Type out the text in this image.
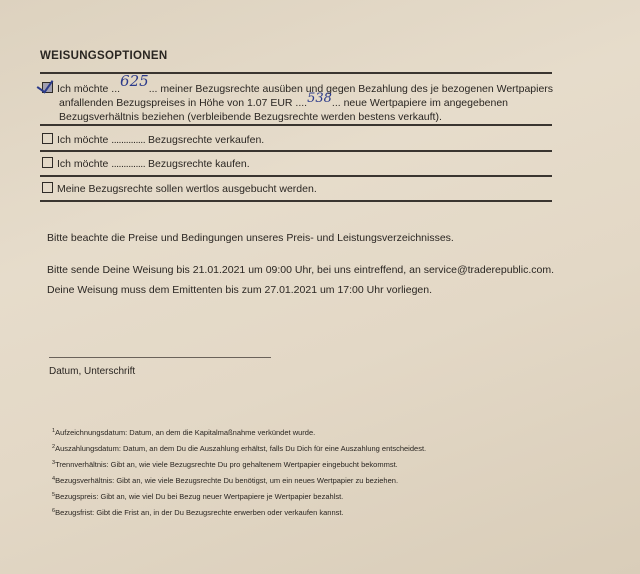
WEISUNGSOPTIONEN
Ich möchte ...625... meiner Bezugsrechte ausüben und gegen Bezahlung des je bezogenen Wertpapiers
anfallenden Bezugspreises in Höhe von 1.07 EUR ....538... neue Wertpapiere im angegebenen
Bezugsverhältnis beziehen (verbleibende Bezugsrechte werden bestens verkauft).
Ich möchte .............. Bezugsrechte verkaufen.
Ich möchte .............. Bezugsrechte kaufen.
Meine Bezugsrechte sollen wertlos ausgebucht werden.
Bitte beachte die Preise und Bedingungen unseres Preis- und Leistungsverzeichnisses.
Bitte sende Deine Weisung bis 21.01.2021 um 09:00 Uhr, bei uns eintreffend, an service@traderepublic.com.
Deine Weisung muss dem Emittenten bis zum 27.01.2021 um 17:00 Uhr vorliegen.
Datum, Unterschrift
$^1$Aufzeichnungsdatum: Datum, an dem die Kapitalmaßnahme verkündet wurde.
$^2$Auszahlungsdatum: Datum, an dem Du die Auszahlung erhältst, falls Du Dich für eine Auszahlung entscheidest.
$^3$Trennverhältnis: Gibt an, wie viele Bezugsrechte Du pro gehaltenem Wertpapier eingebucht bekommst.
$^4$Bezugsverhältnis: Gibt an, wie viele Bezugsrechte Du benötigst, um ein neues Wertpapier zu beziehen.
$^5$Bezugspreis: Gibt an, wie viel Du bei Bezug neuer Wertpapiere je Wertpapier bezahlst.
$^6$Bezugsfrist: Gibt die Frist an, in der Du Bezugsrechte erwerben oder verkaufen kannst.
